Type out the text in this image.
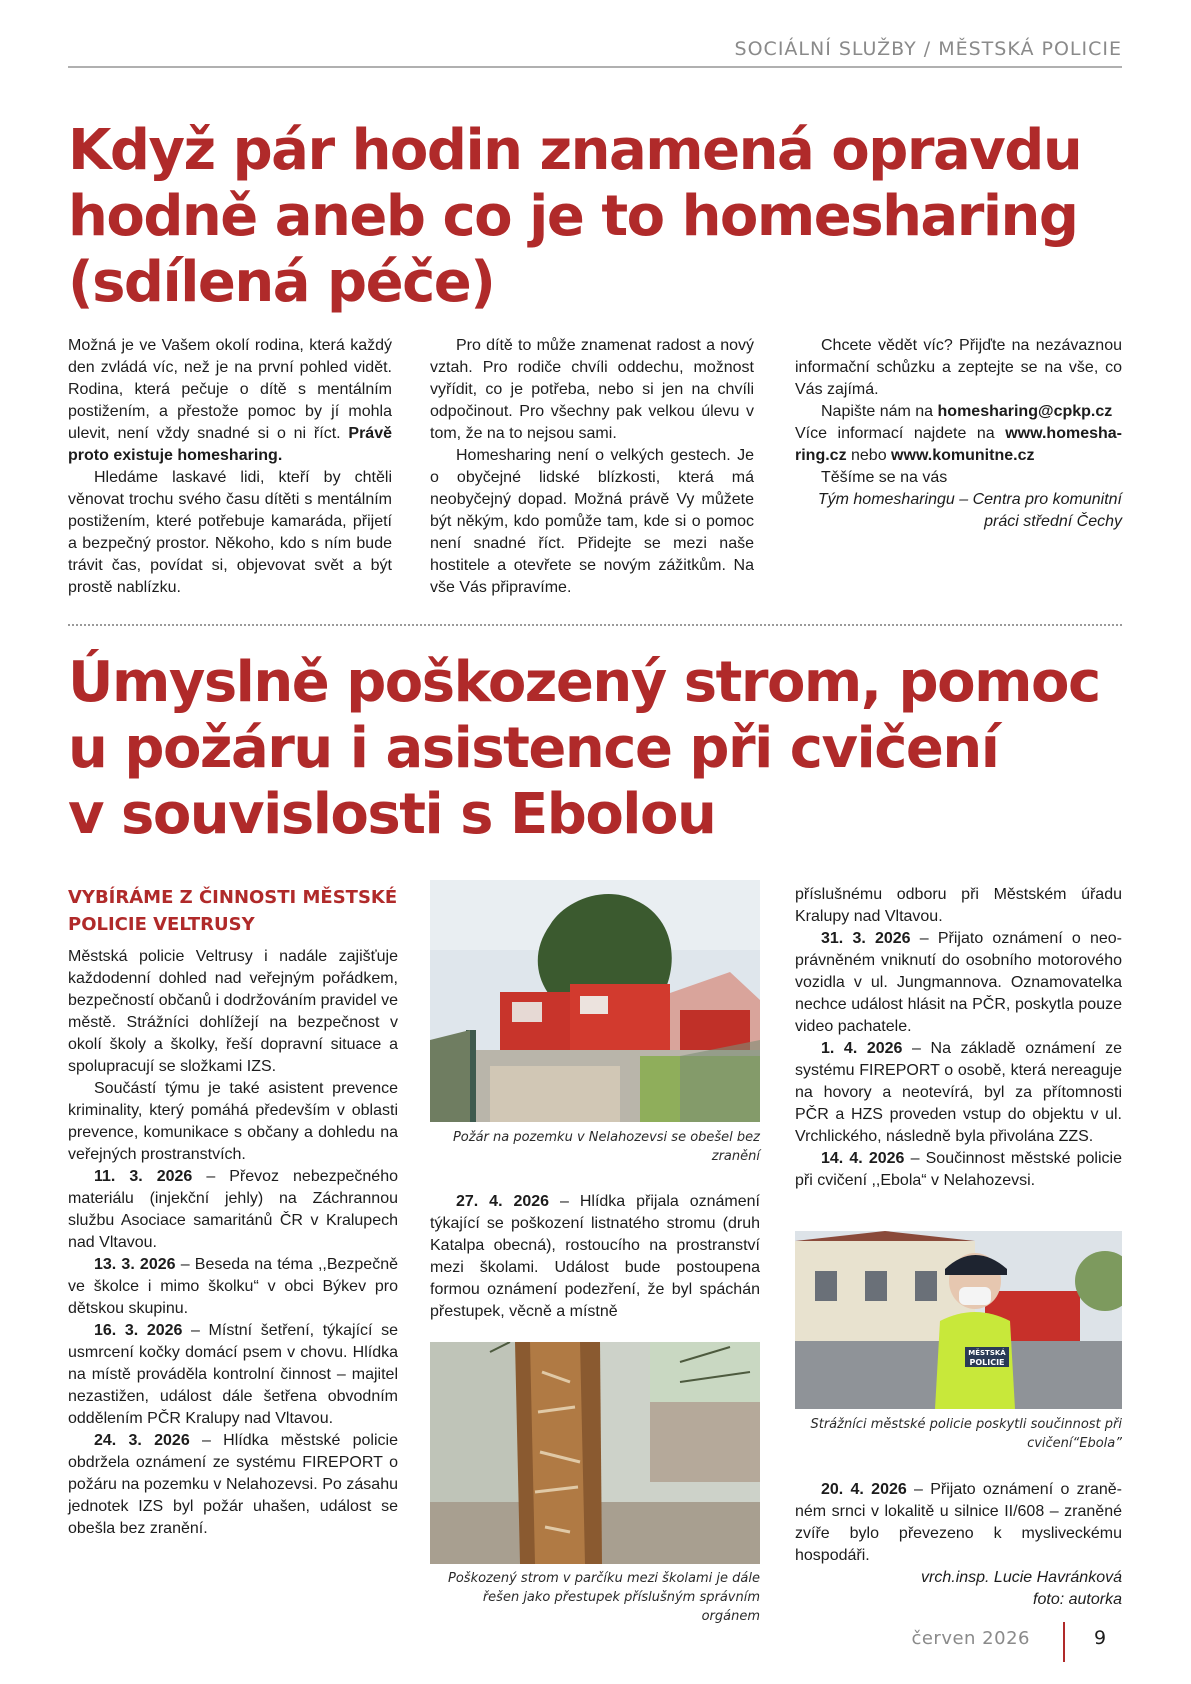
SOCIÁLNÍ SLUŽBY / MĚSTSKÁ POLICIE
Když pár hodin znamená opravdu
hodně aneb co je to homesharing
(sdílená péče)

Možná je ve Vašem okolí rodina, která každý den zvládá víc, než je na první pohled vidět. Rodina, která pečuje o dítě s mentálním postižením, a přestože pomoc by jí mohla ulevit, není vždy snadné si o ni říct. Právě proto existuje homesharing.

Hledáme laskavé lidi, kteří by chtěli věnovat trochu svého času dítěti s mentálním postižením, které potřebuje kamaráda, přijetí a bezpečný prostor. Někoho, kdo s ním bude trávit čas, povídat si, objevovat svět a být prostě nablízku.

Pro dítě to může znamenat radost a nový vztah. Pro rodiče chvíli oddechu, možnost vyřídit, co je potřeba, nebo si jen na chvíli odpočinout. Pro všechny pak velkou úlevu v tom, že na to nejsou sami.

Homesharing není o velkých gestech. Je o obyčejné lidské blízkosti, která má neobyčejný dopad. Možná právě Vy můžete být někým, kdo pomůže tam, kde si o pomoc není snadné říct. Přidejte se mezi naše hostitele a otevřete se novým zážitkům. Na vše Vás připravíme.

Chcete vědět víc? Přijďte na nezávaznou informační schůzku a zeptejte se na vše, co Vás zajímá.

Napište nám na homesharing@cpkp.cz

Více informací najdete na www.homesharing.cz nebo www.komunitne.cz

Těšíme se na vás

Tým homesharingu – Centra pro komunitní práci střední Čechy

Úmyslně poškozený strom, pomoc
u požáru i asistence při cvičení
v souvislosti s Ebolou
VYBÍRÁME Z ČINNOSTI MĚSTSKÉ POLICIE VELTRUSY

Městská policie Veltrusy i nadále zajišťuje každodenní dohled nad veřejným pořádkem, bezpečností občanů i dodržováním pravidel ve městě. Strážníci dohlížejí na bezpečnost v okolí školy a školky, řeší dopravní situace a spolupracují se složkami IZS.

Součástí týmu je také asistent prevence kriminality, který pomáhá především v oblasti prevence, komunikace s občany a dohledu na veřejných prostranstvích.

11. 3. 2026 – Převoz nebezpečného materiálu (injekční jehly) na Záchrannou službu Asociace samaritánů ČR v Kralupech nad Vltavou.

13. 3. 2026 – Beseda na téma ,,Bezpečně ve školce i mimo školku“ v obci Býkev pro dětskou skupinu.

16. 3. 2026 – Místní šetření, týkající se usmrcení kočky domácí psem v chovu. Hlídka na místě prováděla kontrolní činnost – majitel nezastižen, událost dále šetřena obvodním oddělením PČR Kralupy nad Vltavou.

24. 3. 2026 – Hlídka městské policie obdržela oznámení ze systému FIREPORT o požáru na pozemku v Nelahozevsi. Po zásahu jednotek IZS byl požár uhašen, událost se obešla bez zranění.

Požár na pozemku v Nelahozevsi se obešel bez zranění

27. 4. 2026 – Hlídka přijala oznámení týkající se poškození listnatého stromu (druh Katalpa obecná), rostoucího na prostranství mezi školami. Událost bude postoupena formou oznámení podezření, že byl spáchán přestupek, věcně a místně

Poškozený strom v parčíku mezi školami je dále řešen jako přestupek příslušným správním orgánem

příslušnému odboru při Městském úřadu Kralupy nad Vltavou.

31. 3. 2026 – Přijato oznámení o neoprávněném vniknutí do osobního motorového vozidla v ul. Jungmannova. Oznamovatelka nechce událost hlásit na PČR, poskytla pouze video pachatele.

1. 4. 2026 – Na základě oznámení ze systému FIREPORT o osobě, která nereaguje na hovory a neotevírá, byl za přítomnosti PČR a HZS proveden vstup do objektu v ul. Vrchlického, následně byla přivolána ZZS.

14. 4. 2026 – Součinnost městské policie při cvičení ,,Ebola“ v Nelahozevsi.

MĚSTSKÁ
POLICIE
Strážníci městské policie poskytli součinnost při cvičení“Ebola”

20. 4. 2026 – Přijato oznámení o zraněném srnci v lokalitě u silnice II/608 – zraněné zvíře bylo převezeno k mysliveckému hospodáři.

vrch.insp. Lucie Havránková

foto: autorka

červen 2026	9
